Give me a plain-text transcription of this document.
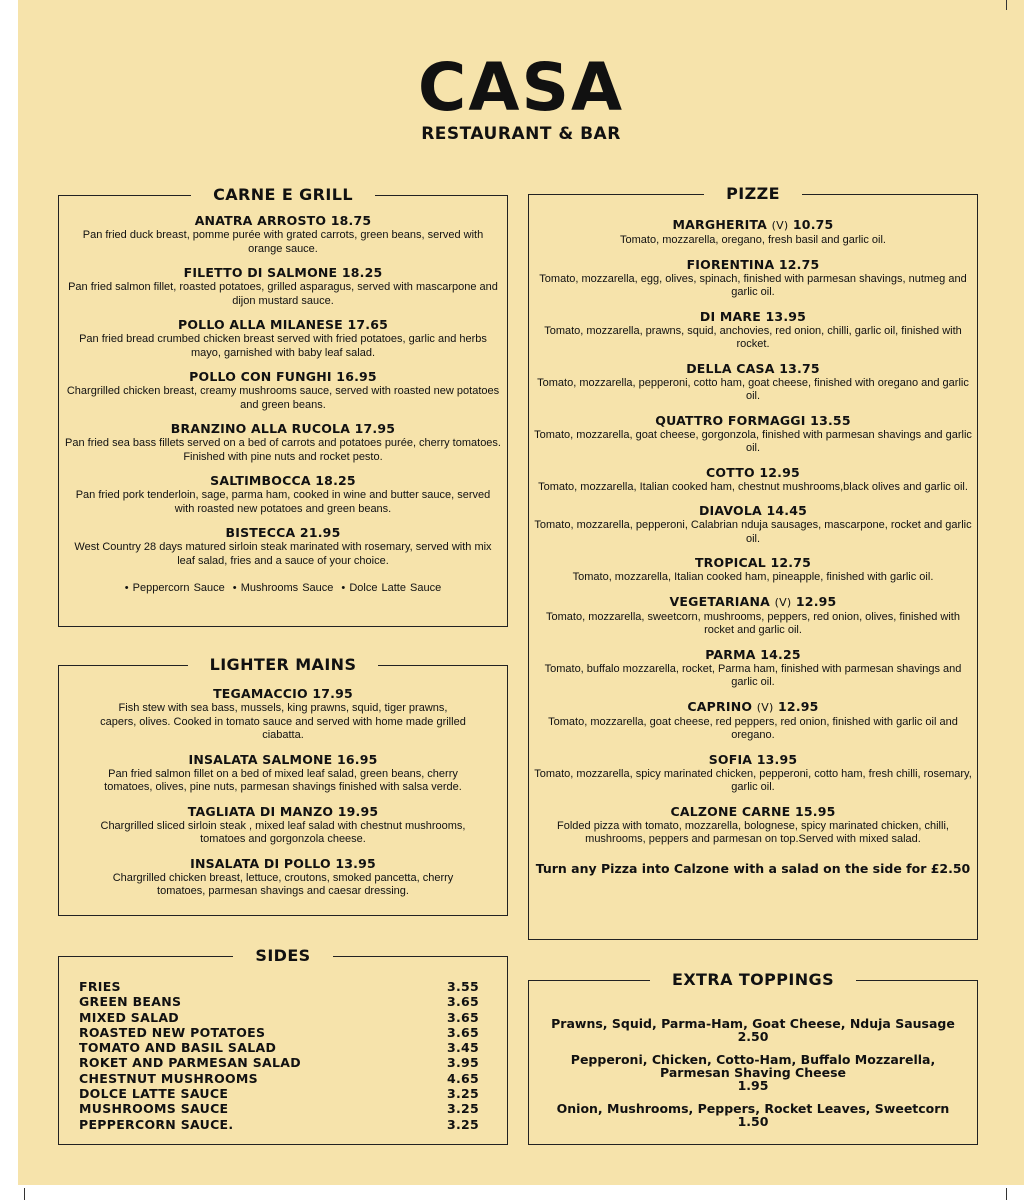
CASA
RESTAURANT & BAR
CARNE E GRILL
ANATRA ARROSTO 18.75
Pan fried duck breast, pomme purée with grated carrots, green beans, served with orange sauce.
FILETTO DI SALMONE 18.25
Pan fried salmon fillet, roasted potatoes, grilled asparagus, served with mascarpone and dijon mustard sauce.
POLLO ALLA MILANESE 17.65
Pan fried bread crumbed chicken breast served with fried potatoes, garlic and herbs mayo, garnished with baby leaf salad.
POLLO CON FUNGHI 16.95
Chargrilled chicken breast, creamy mushrooms sauce, served with roasted new potatoes and green beans.
BRANZINO ALLA RUCOLA 17.95
Pan fried sea bass fillets served on a bed of carrots and potatoes purée, cherry tomatoes. Finished with pine nuts and rocket pesto.
SALTIMBOCCA 18.25
Pan fried pork tenderloin, sage, parma ham, cooked in wine and butter sauce, served with roasted new potatoes and green beans.
BISTECCA 21.95
West Country 28 days matured sirloin steak marinated with rosemary, served with mix leaf salad, fries and a sauce of your choice.
• Peppercorn Sauce • Mushrooms Sauce • Dolce Latte Sauce
LIGHTER MAINS
TEGAMACCIO 17.95
Fish stew with sea bass, mussels, king prawns, squid, tiger prawns, capers, olives. Cooked in tomato sauce and served with home made grilled ciabatta.
INSALATA SALMONE 16.95
Pan fried salmon fillet on a bed of mixed leaf salad, green beans, cherry tomatoes, olives, pine nuts, parmesan shavings finished with salsa verde.
TAGLIATA DI MANZO 19.95
Chargrilled sliced sirloin steak , mixed leaf salad with chestnut mushrooms, tomatoes and gorgonzola cheese.
INSALATA DI POLLO 13.95
Chargrilled chicken breast, lettuce, croutons, smoked pancetta, cherry tomatoes, parmesan shavings and caesar dressing.
SIDES
FRIES	3.55
GREEN BEANS	3.65
MIXED SALAD	3.65
ROASTED NEW POTATOES	3.65
TOMATO AND BASIL SALAD	3.45
ROKET AND PARMESAN SALAD	3.95
CHESTNUT MUSHROOMS	4.65
DOLCE LATTE SAUCE	3.25
MUSHROOMS SAUCE	3.25
PEPPERCORN SAUCE.	3.25
PIZZE
MARGHERITA (V) 10.75
Tomato, mozzarella, oregano, fresh basil and garlic oil.
FIORENTINA 12.75
Tomato, mozzarella, egg, olives, spinach, finished with parmesan shavings, nutmeg and garlic oil.
DI MARE 13.95
Tomato, mozzarella, prawns, squid, anchovies, red onion, chilli, garlic oil, finished with rocket.
DELLA CASA 13.75
Tomato, mozzarella, pepperoni, cotto ham, goat cheese, finished with oregano and garlic oil.
QUATTRO FORMAGGI 13.55
Tomato, mozzarella, goat cheese, gorgonzola, finished with parmesan shavings and garlic oil.
COTTO 12.95
Tomato, mozzarella, Italian cooked ham, chestnut mushrooms,black olives and garlic oil.
DIAVOLA 14.45
Tomato, mozzarella, pepperoni, Calabrian nduja sausages, mascarpone, rocket and garlic oil.
TROPICAL 12.75
Tomato, mozzarella, Italian cooked ham, pineapple, finished with garlic oil.
VEGETARIANA (V) 12.95
Tomato, mozzarella, sweetcorn, mushrooms, peppers, red onion, olives, finished with rocket and garlic oil.
PARMA 14.25
Tomato, buffalo mozzarella, rocket, Parma ham, finished with parmesan shavings and garlic oil.
CAPRINO (V) 12.95
Tomato, mozzarella, goat cheese, red peppers, red onion, finished with garlic oil and oregano.
SOFIA 13.95
Tomato, mozzarella, spicy marinated chicken, pepperoni, cotto ham, fresh chilli, rosemary, garlic oil.
CALZONE CARNE 15.95
Folded pizza with tomato, mozzarella, bolognese, spicy marinated chicken, chilli, mushrooms, peppers and parmesan on top.Served with mixed salad.
Turn any Pizza into Calzone with a salad on the side for £2.50
EXTRA TOPPINGS
Prawns, Squid, Parma-Ham, Goat Cheese, Nduja Sausage
2.50
Pepperoni, Chicken, Cotto-Ham, Buffalo Mozzarella, Parmesan Shaving Cheese
1.95
Onion, Mushrooms, Peppers, Rocket Leaves, Sweetcorn
1.50
